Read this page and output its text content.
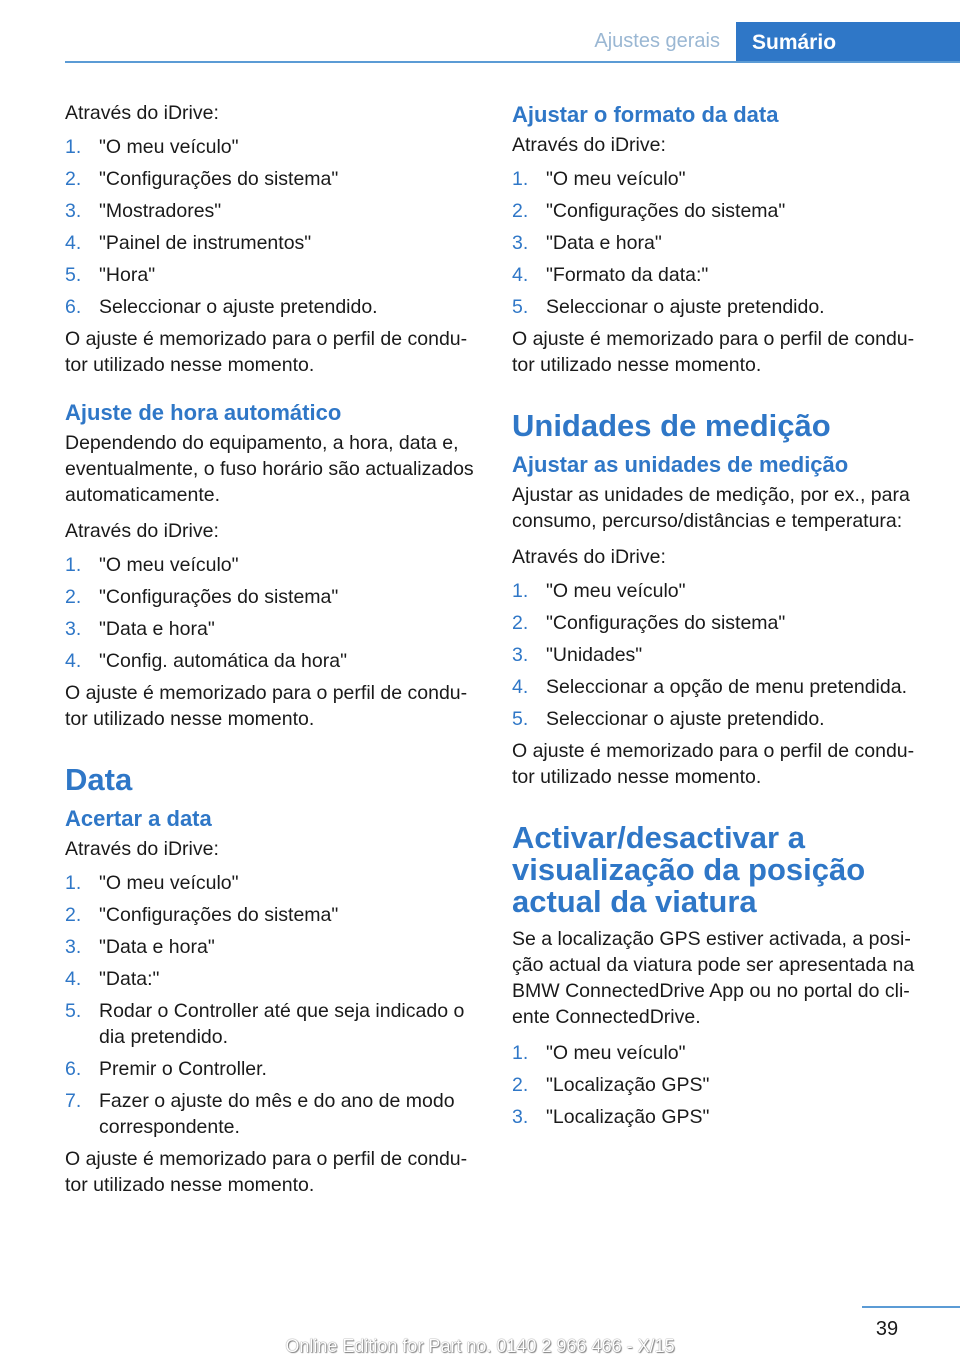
Ajustes gerais	Sumário

Através do iDrive:

1. "O meu veículo"
2. "Configurações do sistema"
3. "Mostradores"
4. "Painel de instrumentos"
5. "Hora"
6. Seleccionar o ajuste pretendido.

O ajuste é memorizado para o perfil de condu-tor utilizado nesse momento.

Ajuste de hora automático

Dependendo do equipamento, a hora, data e, eventualmente, o fuso horário são actualizados automaticamente.

Através do iDrive:

1. "O meu veículo"
2. "Configurações do sistema"
3. "Data e hora"
4. "Config. automática da hora"

O ajuste é memorizado para o perfil de condu-tor utilizado nesse momento.

Data
Acertar a data

Através do iDrive:

1. "O meu veículo"
2. "Configurações do sistema"
3. "Data e hora"
4. "Data:"
5. Rodar o Controller até que seja indicado o dia pretendido.
6. Premir o Controller.
7. Fazer o ajuste do mês e do ano de modo correspondente.

O ajuste é memorizado para o perfil de condu-tor utilizado nesse momento.

Ajustar o formato da data

Através do iDrive:

1. "O meu veículo"
2. "Configurações do sistema"
3. "Data e hora"
4. "Formato da data:"
5. Seleccionar o ajuste pretendido.

O ajuste é memorizado para o perfil de condu-tor utilizado nesse momento.

Unidades de medição
Ajustar as unidades de medição

Ajustar as unidades de medição, por ex., para consumo, percurso/distâncias e temperatura:

Através do iDrive:

1. "O meu veículo"
2. "Configurações do sistema"
3. "Unidades"
4. Seleccionar a opção de menu pretendida.
5. Seleccionar o ajuste pretendido.

O ajuste é memorizado para o perfil de condu-tor utilizado nesse momento.

Activar/desactivar a visualização da posição actual da viatura

Se a localização GPS estiver activada, a posi-ção actual da viatura pode ser apresentada na BMW ConnectedDrive App ou no portal do cli-ente ConnectedDrive.

1. "O meu veículo"
2. "Localização GPS"
3. "Localização GPS"
39
Online Edition for Part no. 0140 2 966 466 - X/15
